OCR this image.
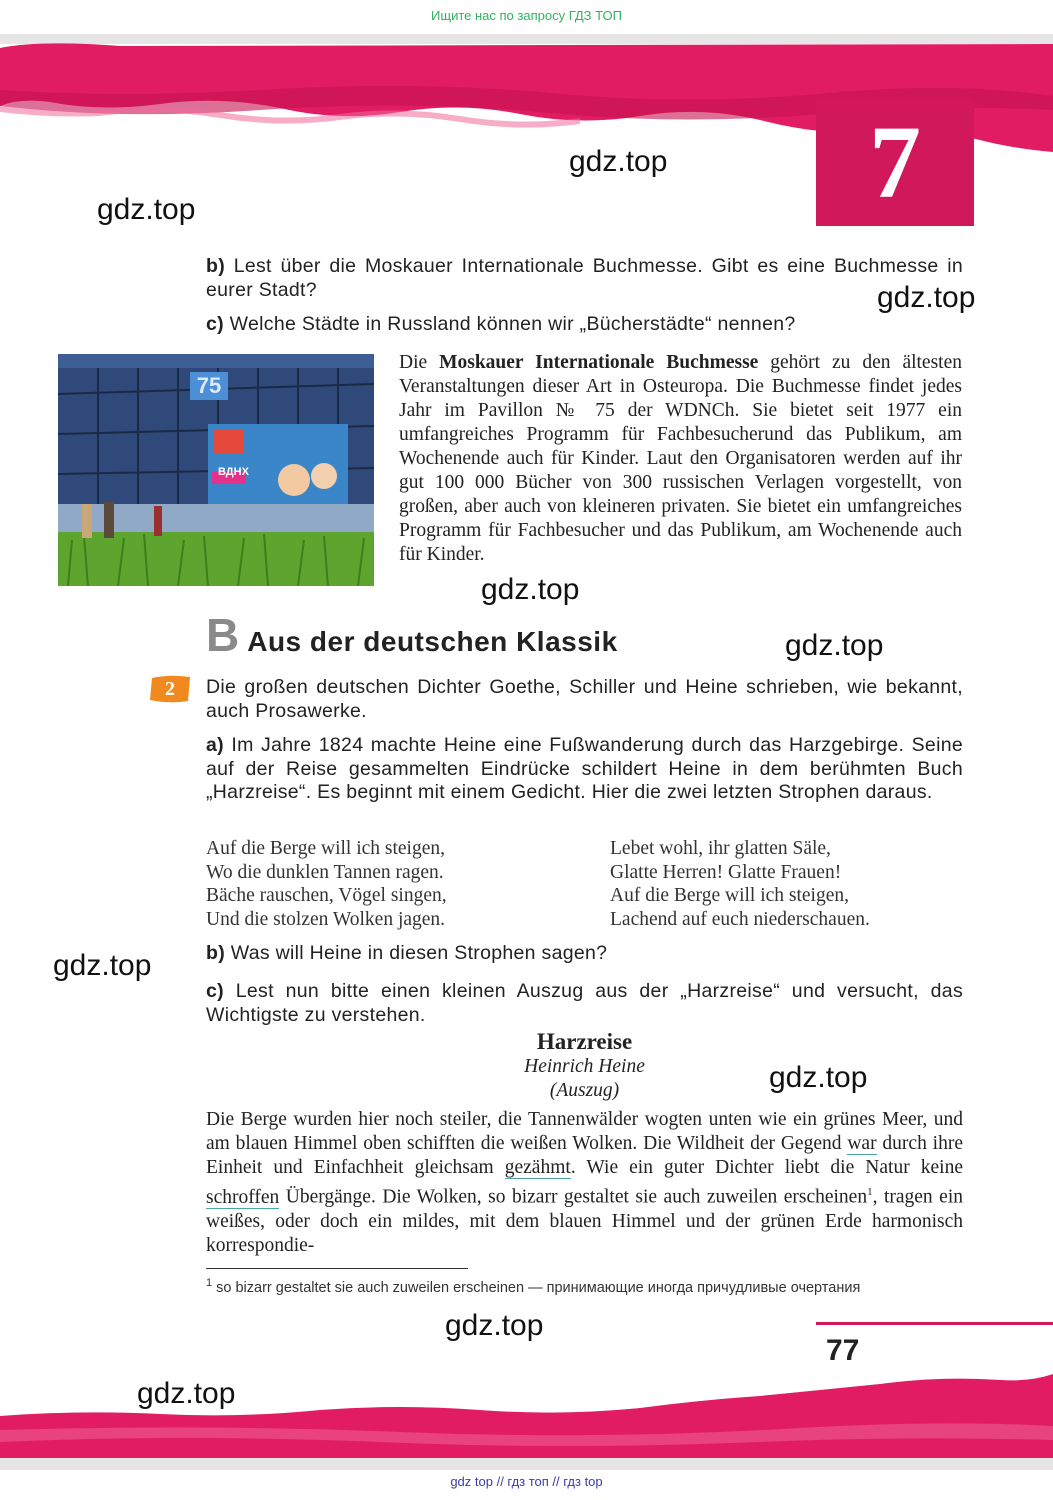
Ищите нас по запросу ГДЗ ТОП
7
gdz.top
gdz.top
gdz.top
gdz.top
gdz.top
gdz.top
gdz.top
gdz.top
gdz.top
b) Lest über die Moskauer Internationale Buchmesse. Gibt es eine Buchmesse in eurer Stadt?
c) Welche Städte in Russland können wir „Bücherstädte“ nennen?
75
ВДНХ
Die Moskauer Internationale Buchmesse gehört zu den ältesten Veranstaltungen dieser Art in Osteuropa. Die Buchmesse findet jedes Jahr im Pavillon № 75 der WDNCh. Sie bietet seit 1977 ein umfangreiches Programm für Fachbesucherund das Publikum, am Wochenende auch für Kinder. Laut den Organisatoren werden auf ihr gut 100 000 Bücher von 300 russischen Verlagen vorgestellt, von großen, aber auch von kleineren privaten. Sie bietet ein umfangreiches Programm für Fachbesucher und das Publikum, am Wochenende auch für Kinder.
B Aus der deutschen Klassik
2	Die großen deutschen Dichter Goethe, Schiller und Heine schrieben, wie bekannt, auch Prosawerke.
a) Im Jahre 1824 machte Heine eine Fußwanderung durch das Harzgebirge. Seine auf der Reise gesammelten Eindrücke schildert Heine in dem berühmten Buch „Harzreise“. Es beginnt mit einem Gedicht. Hier die zwei letzten Strophen daraus.
Auf die Berge will ich steigen,
Wo die dunklen Tannen ragen.
Bäche rauschen, Vögel singen,
Und die stolzen Wolken jagen.
Lebet wohl, ihr glatten Säle,
Glatte Herren! Glatte Frauen!
Auf die Berge will ich steigen,
Lachend auf euch niederschauen.
b) Was will Heine in diesen Strophen sagen?
c) Lest nun bitte einen kleinen Auszug aus der „Harzreise“ und versucht, das Wichtigste zu verstehen.
Harzreise
Heinrich Heine
(Auszug)
Die Berge wurden hier noch steiler, die Tannenwälder wogten unten wie ein grünes Meer, und am blauen Himmel oben schifften die weißen Wolken. Die Wildheit der Gegend war durch ihre Einheit und Einfachheit gleichsam gezähmt. Wie ein guter Dichter liebt die Natur keine schroffen Übergänge. Die Wolken, so bizarr gestaltet sie auch zuweilen erscheinen$^1$, tragen ein weißes, oder doch ein mildes, mit dem blauen Himmel und der grünen Erde harmonisch korrespondie-
$^1$ so bizarr gestaltet sie auch zuweilen erscheinen — принимающие иногда причудливые очертания
77
gdz top // гдз топ // гдз top
